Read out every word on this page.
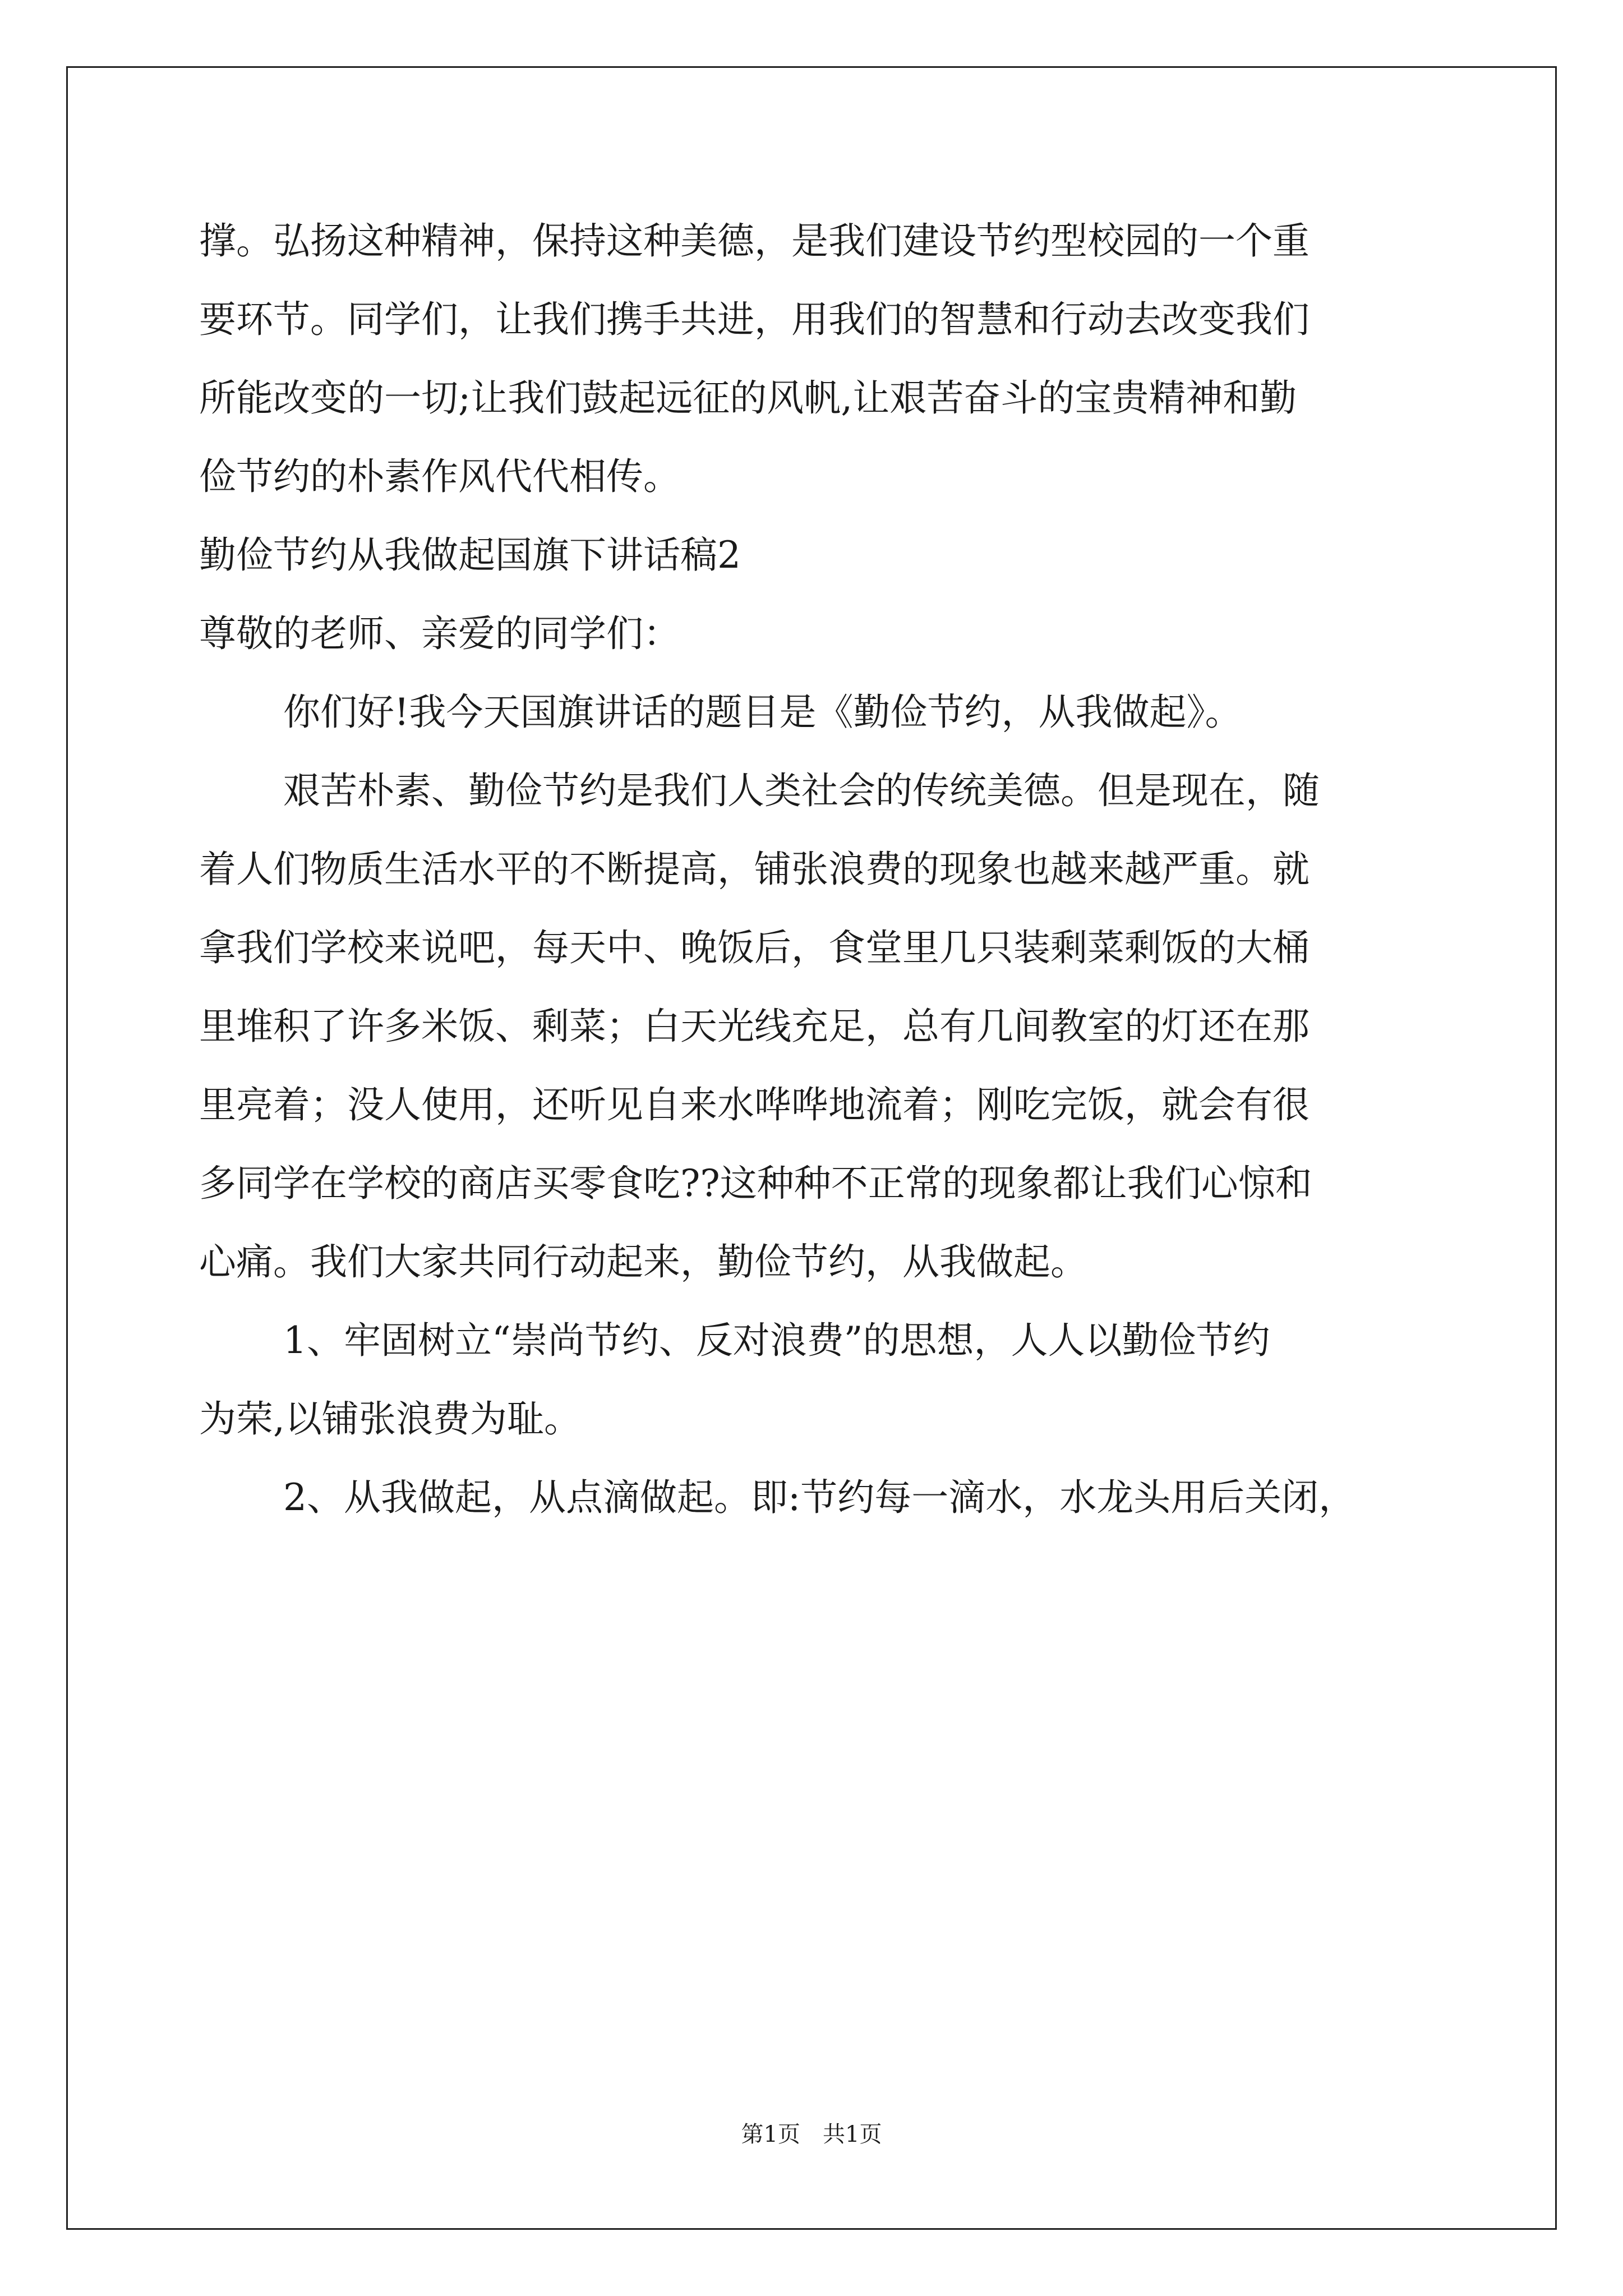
撑。弘扬这种精神，保持这种美德，是我们建设节约型校园的一个重

要环节。同学们，让我们携手共进，用我们的智慧和行动去改变我们

所能改变的一切;让我们鼓起远征的风帆,让艰苦奋斗的宝贵精神和勤

俭节约的朴素作风代代相传。

勤俭节约从我做起国旗下讲话稿2

尊敬的老师、亲爱的同学们：

你们好!我今天国旗讲话的题目是《勤俭节约，从我做起》。

艰苦朴素、勤俭节约是我们人类社会的传统美德。但是现在，随

着人们物质生活水平的不断提高，铺张浪费的现象也越来越严重。就

拿我们学校来说吧，每天中、晚饭后，食堂里几只装剩菜剩饭的大桶

里堆积了许多米饭、剩菜；白天光线充足，总有几间教室的灯还在那

里亮着；没人使用，还听见自来水哗哗地流着；刚吃完饭，就会有很

多同学在学校的商店买零食吃??这种种不正常的现象都让我们心惊和

心痛。我们大家共同行动起来，勤俭节约，从我做起。

1、牢固树立“崇尚节约、反对浪费”的思想，人人以勤俭节约

为荣,以铺张浪费为耻。

2、从我做起，从点滴做起。即:节约每一滴水，水龙头用后关闭，

第1页　共1页
